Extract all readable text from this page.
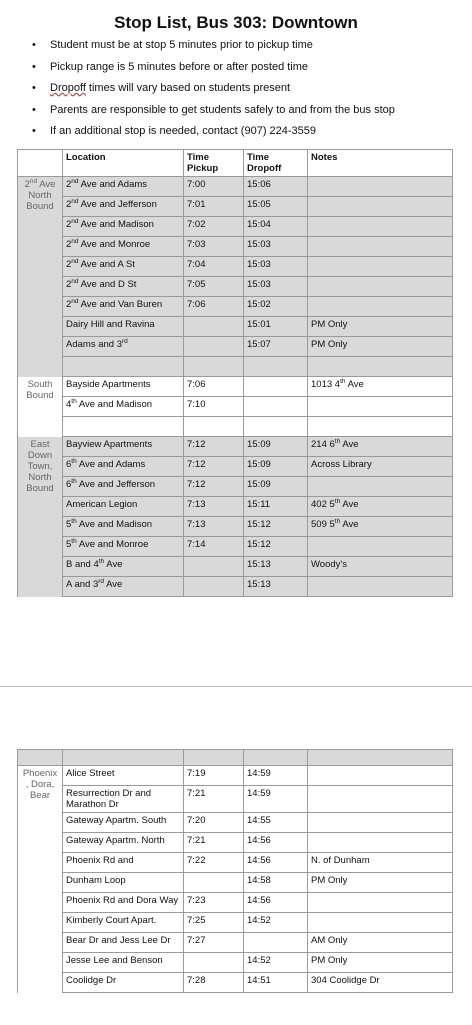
Stop List, Bus 303: Downtown
• Student must be at stop 5 minutes prior to pickup time
• Pickup range is 5 minutes before or after posted time
• Dropoff times will vary based on students present
• Parents are responsible to get students safely to and from the bus stop
• If an additional stop is needed, contact (907) 224-3559
	Location	Time Pickup	Time Dropoff	Notes
2nd Ave North Bound	2nd Ave and Adams	7:00	15:06	
	2nd Ave and Jefferson	7:01	15:05	
	2nd Ave and Madison	7:02	15:04	
	2nd Ave and Monroe	7:03	15:03	
	2nd Ave and A St	7:04	15:03	
	2nd Ave and D St	7:05	15:03	
	2nd Ave and Van Buren	7:06	15:02	
	Dairy Hill and Ravina		15:01	PM Only
	Adams and 3rd		15:07	PM Only

South Bound	Bayside Apartments	7:06		1013 4th Ave
	4th Ave and Madison	7:10		

East Down Town, North Bound	Bayview Apartments	7:12	15:09	214 6th Ave
	6th Ave and Adams	7:12	15:09	Across Library
	6th Ave and Jefferson	7:12	15:09	
	American Legion	7:13	15:11	402 5th Ave
	5th Ave and Madison	7:13	15:12	509 5th Ave
	5th Ave and Monroe	7:14	15:12	
	B and 4th Ave		15:13	Woody's
	A and 3rd Ave		15:13	

Phoenix , Dora, Bear	Alice Street	7:19	14:59	
	Resurrection Dr and Marathon Dr	7:21	14:59	
	Gateway Apartm. South	7:20	14:55	
	Gateway Apartm. North	7:21	14:56	
	Phoenix Rd and	7:22	14:56	N. of Dunham
	Dunham Loop		14:58	PM Only
	Phoenix Rd and Dora Way	7:23	14:56	
	Kimberly Court Apart.	7:25	14:52	
	Bear Dr and Jess Lee Dr	7:27		AM Only
	Jesse Lee and Benson		14:52	PM Only
	Coolidge Dr	7:28	14:51	304 Coolidge Dr
